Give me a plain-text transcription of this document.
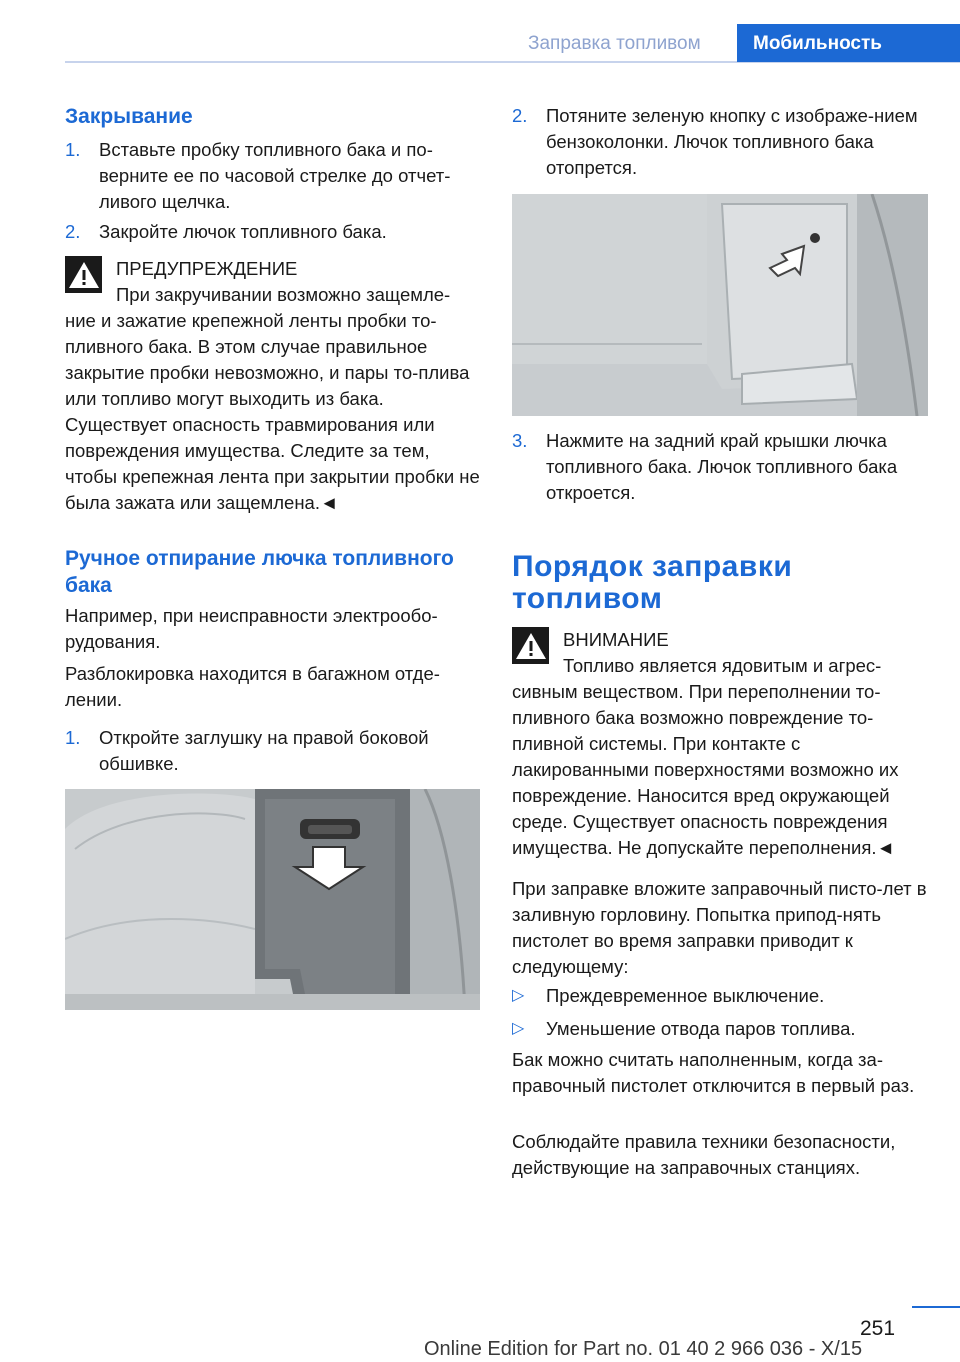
Заправка топливом	Мобильность
Закрывание
1. Вставьте пробку топливного бака и по-верните ее по часовой стрелке до отчет-ливого щелчка.
2. Закройте лючок топливного бака.
ПРЕДУПРЕЖДЕНИЕ
При закручивании возможно защемле-ние и зажатие крепежной ленты пробки то-пливного бака. В этом случае правильное закрытие пробки невозможно, и пары то-плива или топливо могут выходить из бака. Существует опасность травмирования или повреждения имущества. Следите за тем, чтобы крепежная лента при закрытии пробки не была зажата или защемлена.◄
Ручное отпирание лючка топливного бака
Например, при неисправности электрообо-рудования.
Разблокировка находится в багажном отде-лении.
1. Откройте заглушку на правой боковой обшивке.
2. Потяните зеленую кнопку с изображе-нием бензоколонки. Лючок топливного бака отопрется.
3. Нажмите на задний край крышки лючка топливного бака. Лючок топливного бака откроется.
Порядок заправки топливом
ВНИМАНИЕ
Топливо является ядовитым и агрес-сивным веществом. При переполнении то-пливного бака возможно повреждение то-пливной системы. При контакте с лакированными поверхностями возможно их повреждение. Наносится вред окружающей среде. Существует опасность повреждения имущества. Не допускайте переполнения.◄
При заправке вложите заправочный писто-лет в заливную горловину. Попытка припод-нять пистолет во время заправки приводит к следующему:
▷ Преждевременное выключение.
▷ Уменьшение отвода паров топлива.
Бак можно считать наполненным, когда за-правочный пистолет отключится в первый раз.
Соблюдайте правила техники безопасности, действующие на заправочных станциях.
251
Online Edition for Part no. 01 40 2 966 036 - X/15
